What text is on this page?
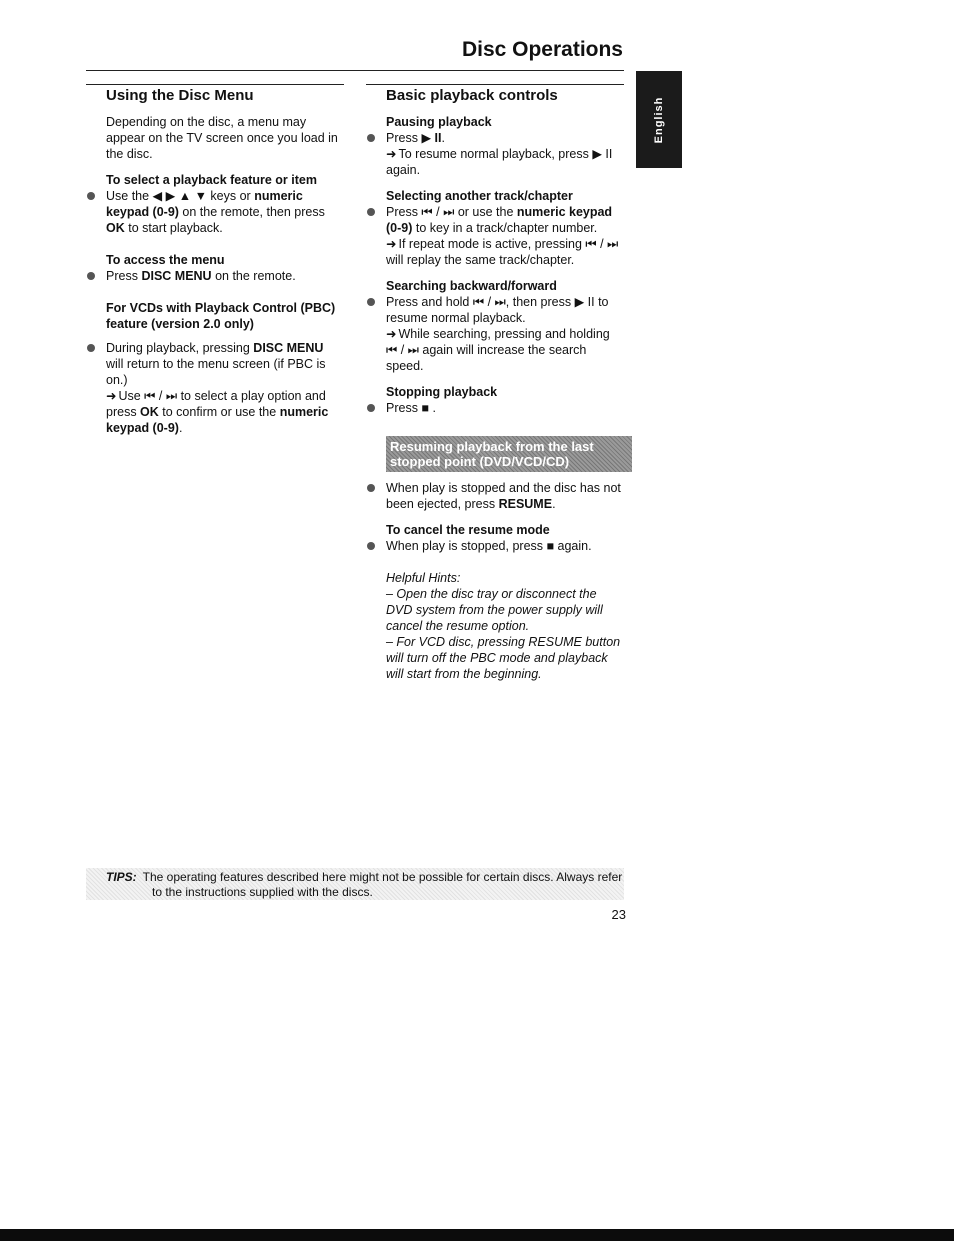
Disc Operations
English
Using the Disc Menu

Depending on the disc, a menu may appear on the TV screen once you load in the disc.

To select a playback feature or item

Use the ◀ ▶ ▲ ▼ keys or numeric keypad (0-9) on the remote, then press OK to start playback.

To access the menu

Press DISC MENU on the remote.

For VCDs with Playback Control (PBC) feature (version 2.0 only)

During playback, pressing DISC MENU will return to the menu screen (if PBC is on.)

➜ Use ⏮ / ⏭ to select a play option and press OK to confirm or use the numeric keypad (0-9).

Basic playback controls

Pausing playback

Press ▶ II.

➜ To resume normal playback, press ▶ II again.

Selecting another track/chapter

Press ⏮ / ⏭ or use the numeric keypad (0-9) to key in a track/chapter number.

➜ If repeat mode is active, pressing ⏮ / ⏭ will replay the same track/chapter.

Searching backward/forward

Press and hold ⏮ / ⏭, then press ▶ II to resume normal playback.

➜ While searching, pressing and holding ⏮ / ⏭ again will increase the search speed.

Stopping playback

Press ■ .

Resuming playback from the last stopped point (DVD/VCD/CD)

When play is stopped and the disc has not been ejected, press RESUME.

To cancel the resume mode

When play is stopped, press ■ again.

Helpful Hints:

– Open the disc tray or disconnect the DVD system from the power supply will cancel the resume option.

– For VCD disc, pressing RESUME button will turn off the PBC mode and playback will start from the beginning.

TIPS: The operating features described here might not be possible for certain discs. Always refer
to the instructions supplied with the discs.
23
